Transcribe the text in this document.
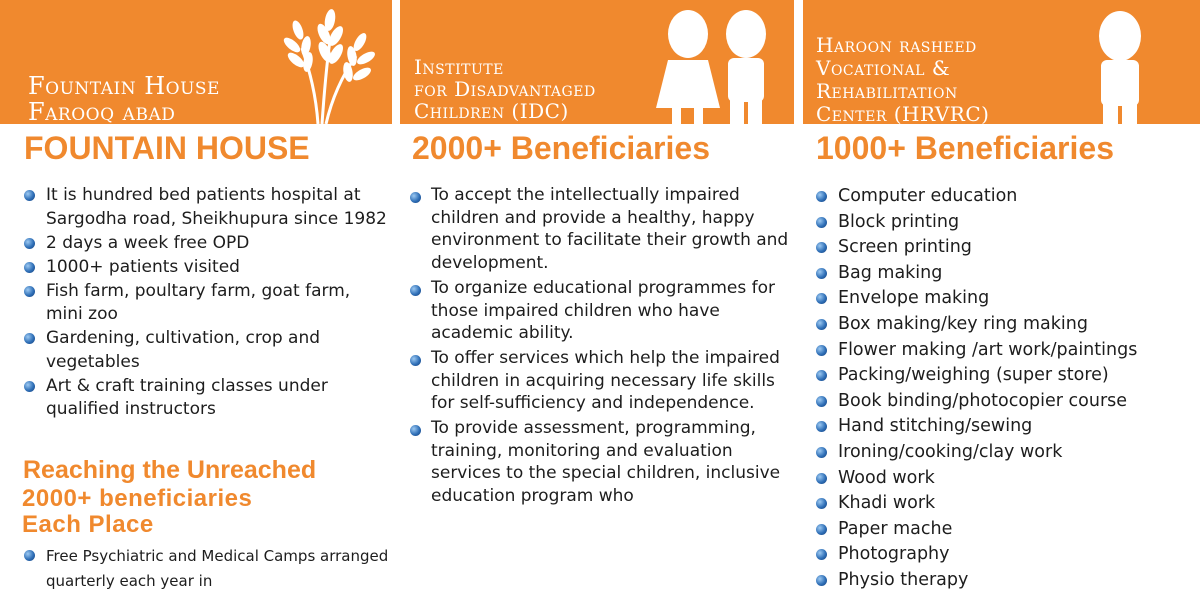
Fountain House
Farooq abad
FOUNTAIN HOUSE
It is hundred bed patients hospital at Sargodha road, Sheikhupura since 1982
2 days a week free OPD
1000+ patients visited
Fish farm, poultary farm, goat farm, mini zoo
Gardening, cultivation, crop and vegetables
Art & craft training classes under qualified instructors
Reaching the Unreached
2000+ beneficiaries
Each Place
Free Psychiatric and Medical Camps arranged quarterly each year in
Institute
for Disadvantaged
Children (IDC)
2000+ Beneficiaries
To accept the intellectually impaired children and provide a healthy, happy environment to facilitate their growth and development.
To organize educational programmes for those impaired children who have academic ability.
To offer services which help the impaired children in acquiring necessary life skills for self-sufficiency and independence.
To provide assessment, programming, training, monitoring and evaluation services to the special children, inclusive education program who
Haroon rasheed
Vocational &
Rehabilitation
Center (HRVRC)
1000+ Beneficiaries
Computer education
Block printing
Screen printing
Bag making
Envelope making
Box making/key ring making
Flower making /art work/paintings
Packing/weighing (super store)
Book binding/photocopier course
Hand stitching/sewing
Ironing/cooking/clay work
Wood work
Khadi work
Paper mache
Photography
Physio therapy
